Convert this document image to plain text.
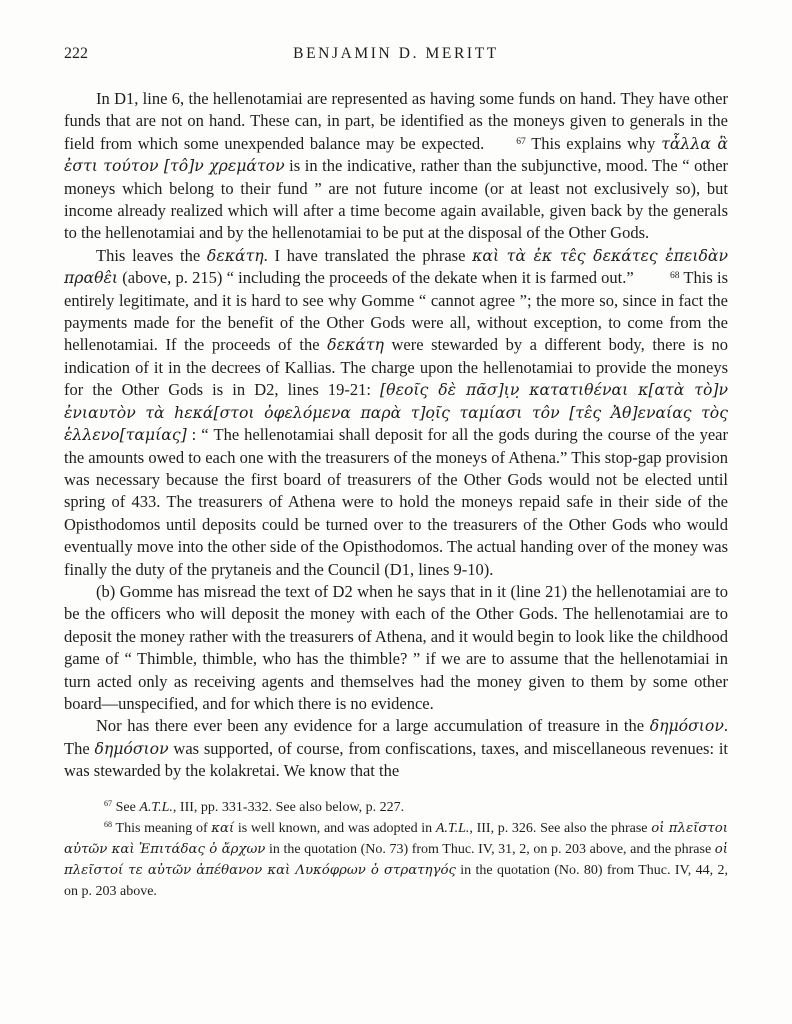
222	BENJAMIN D. MERITT

In D1, line 6, the hellenotamiai are represented as having some funds on hand. They have other funds that are not on hand. These can, in part, be identified as the moneys given to generals in the field from which some unexpended balance may be expected.	67 This explains why τἆλλα ἃ ἐστι τούτον [τô]ν χρεμάτον is in the indicative, rather than the subjunctive, mood. The “ other moneys which belong to their fund ” are not future income (or at least not exclusively so), but income already realized which will after a time become again available, given back by the generals to the hellenotamiai and by the hellenotamiai to be put at the disposal of the Other Gods.

This leaves the δεκάτη. I have translated the phrase καὶ τὰ ἐκ τε̂ς δεκάτες ἐπειδὰν πραθε̂ι (above, p. 215) “ including the proceeds of the dekate when it is farmed out.”	68 This is entirely legitimate, and it is hard to see why Gomme “ cannot agree ”; the more so, since in fact the payments made for the benefit of the Other Gods were all, without exception, to come from the hellenotamiai. If the proceeds of the δεκάτη were stewarded by a different body, there is no indication of it in the decrees of Kallias. The charge upon the hellenotamiai to provide the moneys for the Other Gods is in D2, lines 19-21: [θεοῖς δὲ πᾶσ]ι̣ν̣ κατατιθέναι κ[ατὰ τὸ]ν ἐνιαυτὸν τὰ hεκά[στοι ὀφελόμενα παρὰ τ]ο̣ῖς ταμίασι τôν [τε̂ς Ἀθ]εναίας τὸς ἑλλενο[ταμίας] : “ The hellenotamiai shall deposit for all the gods during the course of the year the amounts owed to each one with the treasurers of the moneys of Athena.” This stop-gap provision was necessary because the first board of treasurers of the Other Gods would not be elected until spring of 433. The treasurers of Athena were to hold the moneys repaid safe in their side of the Opisthodomos until deposits could be turned over to the treasurers of the Other Gods who would eventually move into the other side of the Opisthodomos. The actual handing over of the money was finally the duty of the prytaneis and the Council (D1, lines 9-10).

(b) Gomme has misread the text of D2 when he says that in it (line 21) the hellenotamiai are to be the officers who will deposit the money with each of the Other Gods. The hellenotamiai are to deposit the money rather with the treasurers of Athena, and it would begin to look like the childhood game of “ Thimble, thimble, who has the thimble? ” if we are to assume that the hellenotamiai in turn acted only as receiving agents and themselves had the money given to them by some other board—unspecified, and for which there is no evidence.

Nor has there ever been any evidence for a large accumulation of treasure in the δημόσιον. The δημόσιον was supported, of course, from confiscations, taxes, and miscellaneous revenues: it was stewarded by the kolakretai. We know that the

67 See A.T.L., III, pp. 331-332. See also below, p. 227.

68 This meaning of καί is well known, and was adopted in A.T.L., III, p. 326. See also the phrase οἱ πλεῖστοι αὐτῶν καὶ Ἐπιτάδας ὁ ἄρχων in the quotation (No. 73) from Thuc. IV, 31, 2, on p. 203 above, and the phrase οἱ πλεῖστοί τε αὐτῶν ἀπέθανον καὶ Λυκόφρων ὁ στρατηγός in the quotation (No. 80) from Thuc. IV, 44, 2, on p. 203 above.
